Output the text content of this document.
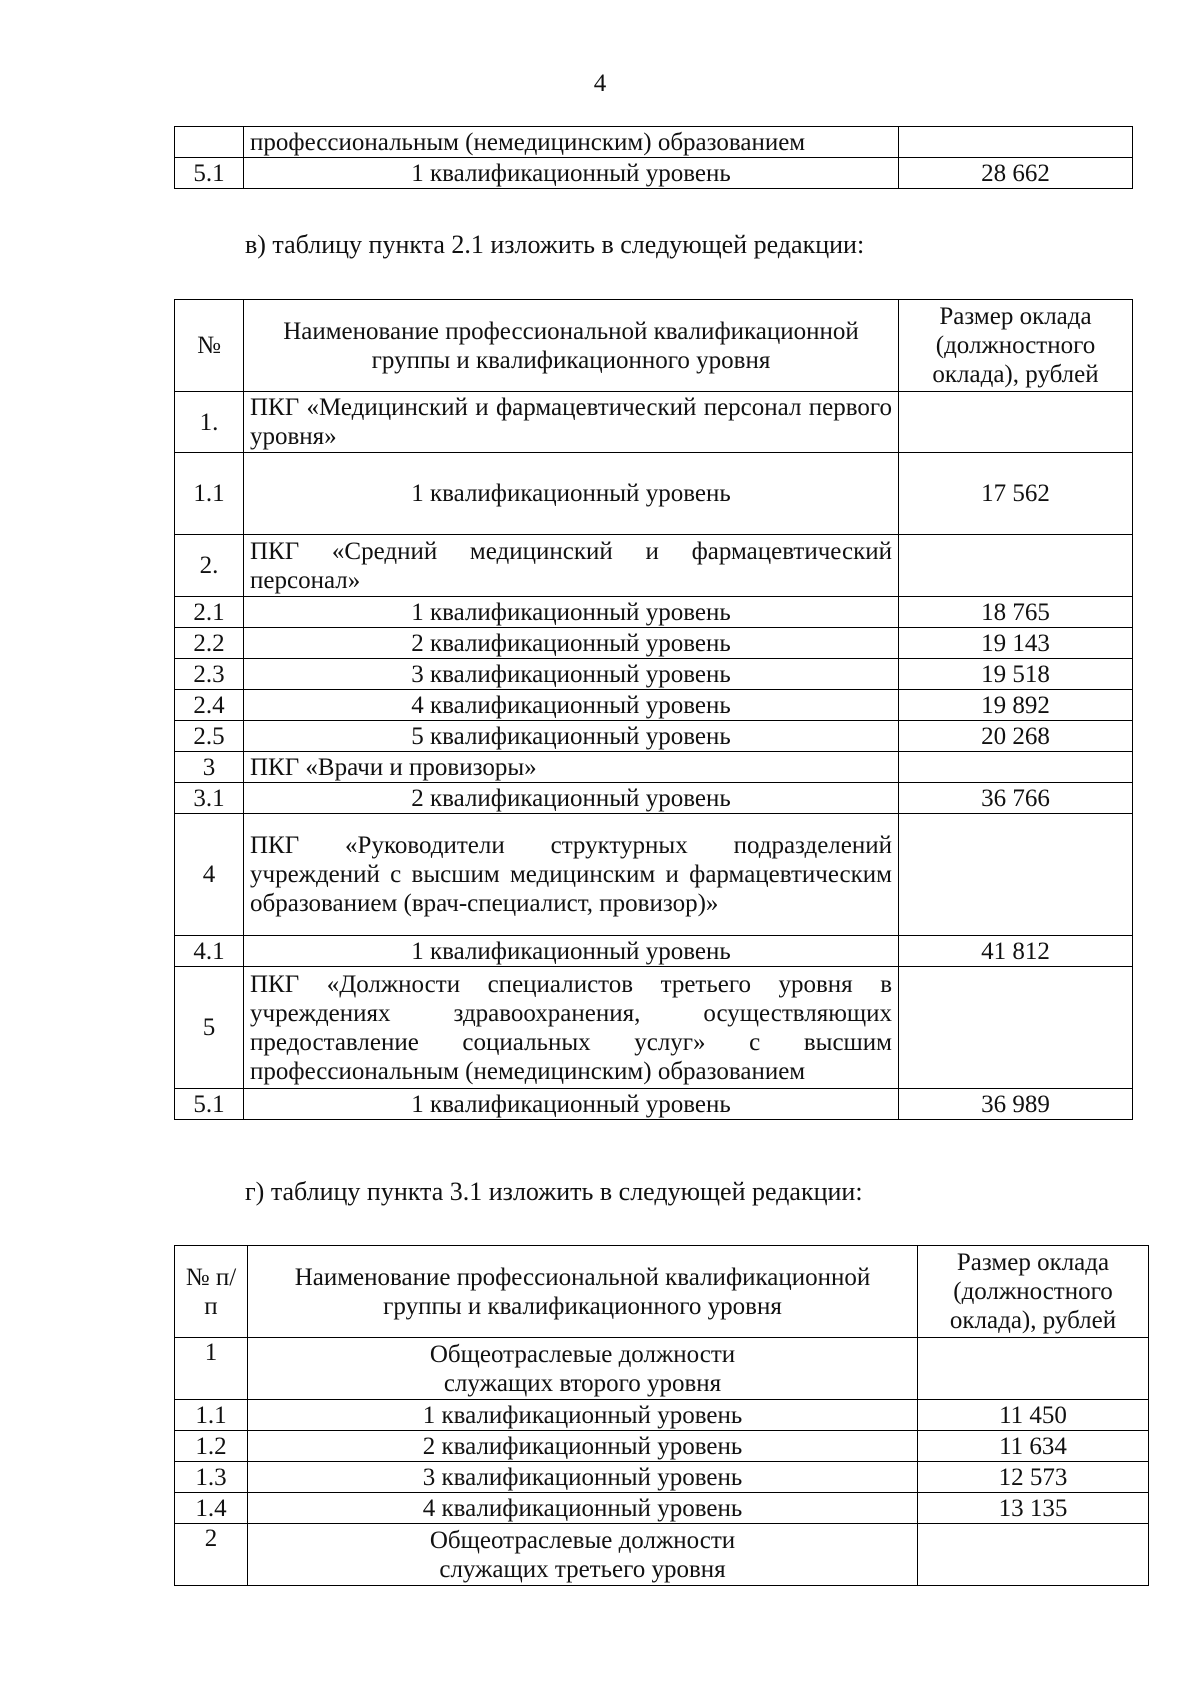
4
	профессиональным (немедицинским) образованием	
5.1	1 квалификационный уровень	28 662
в) таблицу пункта 2.1 изложить в следующей редакции:
№	Наименование профессиональной квалификационной группы и квалификационного уровня	Размер оклада (должностного оклада), рублей
1.	ПКГ «Медицинский и фармацевтический персонал первого уровня»	
1.1	1 квалификационный уровень	17 562
2.	ПКГ «Средний медицинский и фармацевтический персонал»	
2.1	1 квалификационный уровень	18 765
2.2	2 квалификационный уровень	19 143
2.3	3 квалификационный уровень	19 518
2.4	4 квалификационный уровень	19 892
2.5	5 квалификационный уровень	20 268
3	ПКГ «Врачи и провизоры»	
3.1	2 квалификационный уровень	36 766
4	ПКГ «Руководители структурных подразделений учреждений с высшим медицинским и фармацевтическим образованием (врач-специалист, провизор)»	
4.1	1 квалификационный уровень	41 812
5	ПКГ «Должности специалистов третьего уровня в учреждениях здравоохранения, осуществляющих предоставление социальных услуг» с высшим профессиональным (немедицинским) образованием	
5.1	1 квалификационный уровень	36 989
г) таблицу пункта 3.1 изложить в следующей редакции:
№ п/п	Наименование профессиональной квалификационной группы и квалификационного уровня	Размер оклада (должностного оклада), рублей
1	Общеотраслевые должности
служащих второго уровня	

1.1	1 квалификационный уровень	11 450
1.2	2 квалификационный уровень	11 634
1.3	3 квалификационный уровень	12 573
1.4	4 квалификационный уровень	13 135
2	Общеотраслевые должности
служащих третьего уровня	
